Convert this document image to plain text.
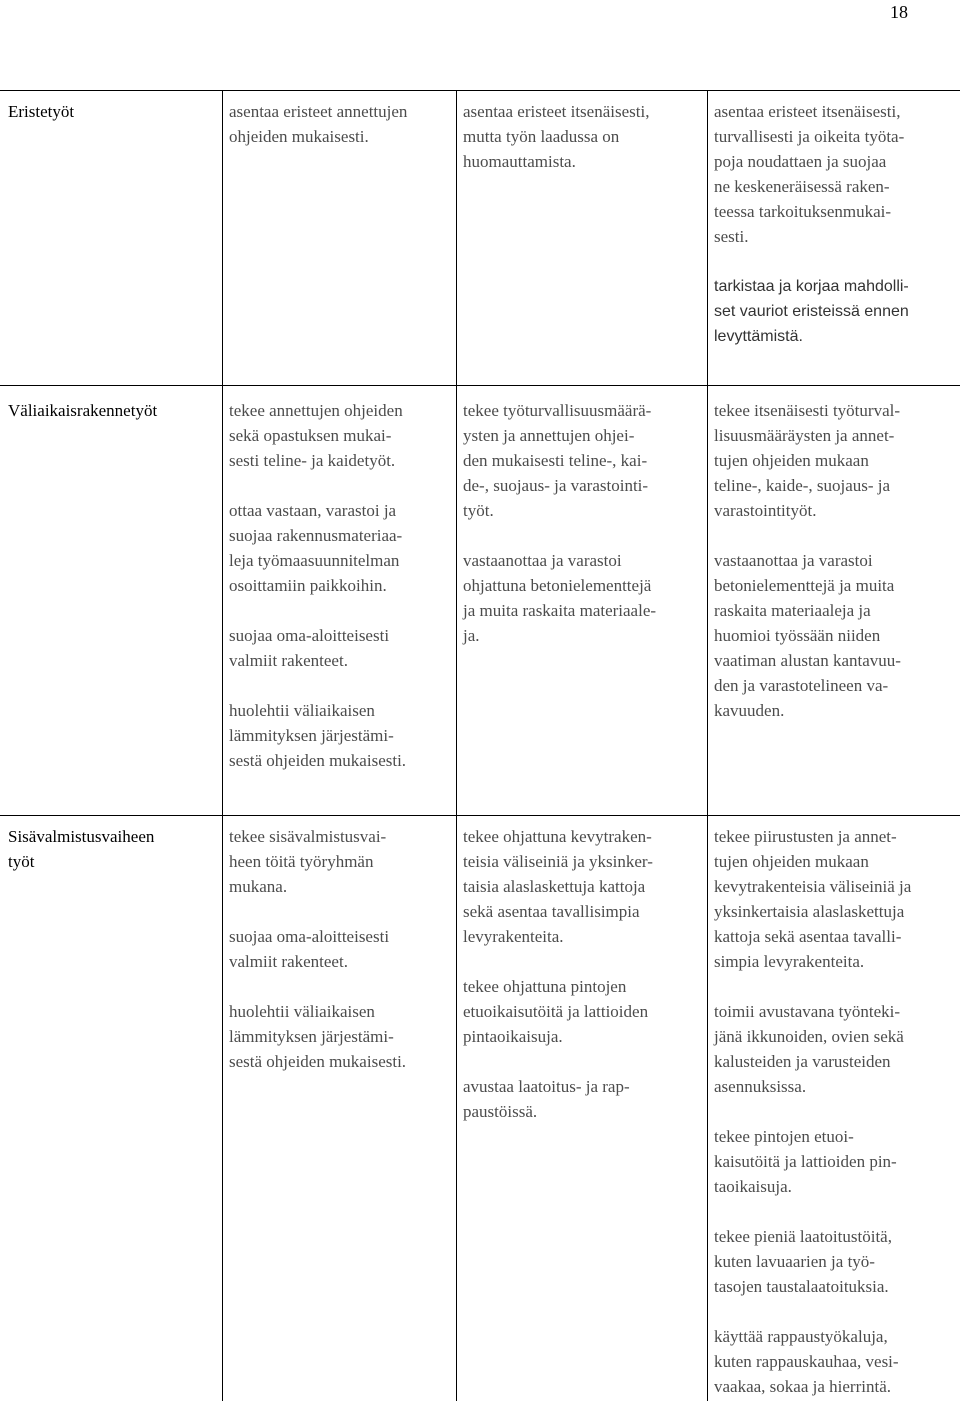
18
Eristetyöt	asentaa eristeet annettujen
ohjeiden mukaisesti.
asentaa eristeet itsenäisesti,
mutta työn laadussa on
huomauttamista.
asentaa eristeet itsenäisesti,
turvallisesti ja oikeita työta-
poja noudattaen ja suojaa
ne keskeneräisessä raken-
teessa tarkoituksenmukai-
sesti.
tarkistaa ja korjaa mahdolli-
set vauriot eristeissä ennen
levyttämistä.
Väliaikaisrakennetyöt	tekee annettujen ohjeiden
sekä opastuksen mukai-
sesti teline- ja kaidetyöt.
ottaa vastaan, varastoi ja
suojaa rakennusmateriaa-
leja työmaasuunnitelman
osoittamiin paikkoihin.
suojaa oma-aloitteisesti
valmiit rakenteet.
huolehtii väliaikaisen
lämmityksen järjestämi-
sestä ohjeiden mukaisesti.
tekee työturvallisuusmäärä-
ysten ja annettujen ohjei-
den mukaisesti teline-, kai-
de-, suojaus- ja varastointi-
työt.
vastaanottaa ja varastoi
ohjattuna betonielementtejä
ja muita raskaita materiaale-
ja.
tekee itsenäisesti työturval-
lisuusmääräysten ja annet-
tujen ohjeiden mukaan
teline-, kaide-, suojaus- ja
varastointityöt.
vastaanottaa ja varastoi
betonielementtejä ja muita
raskaita materiaaleja ja
huomioi työssään niiden
vaatiman alustan kantavuu-
den ja varastotelineen va-
kavuuden.
Sisävalmistusvaiheen
työt
tekee sisävalmistusvai-
heen töitä työryhmän
mukana.
suojaa oma-aloitteisesti
valmiit rakenteet.
huolehtii väliaikaisen
lämmityksen järjestämi-
sestä ohjeiden mukaisesti.
tekee ohjattuna kevytraken-
teisia väliseiniä ja yksinker-
taisia alaslaskettuja kattoja
sekä asentaa tavallisimpia
levyrakenteita.
tekee ohjattuna pintojen
etuoikaisutöitä ja lattioiden
pintaoikaisuja.
avustaa laatoitus- ja rap-
paustöissä.
tekee piirustusten ja annet-
tujen ohjeiden mukaan
kevytrakenteisia väliseiniä ja
yksinkertaisia alaslaskettuja
kattoja sekä asentaa tavalli-
simpia levyrakenteita.
toimii avustavana työnteki-
jänä ikkunoiden, ovien sekä
kalusteiden ja varusteiden
asennuksissa.
tekee pintojen etuoi-
kaisutöitä ja lattioiden pin-
taoikaisuja.
tekee pieniä laatoitustöitä,
kuten lavuaarien ja työ-
tasojen taustalaatoituksia.
käyttää rappaustyökaluja,
kuten rappauskauhaa, vesi-
vaakaa, sokaa ja hierrintä.
